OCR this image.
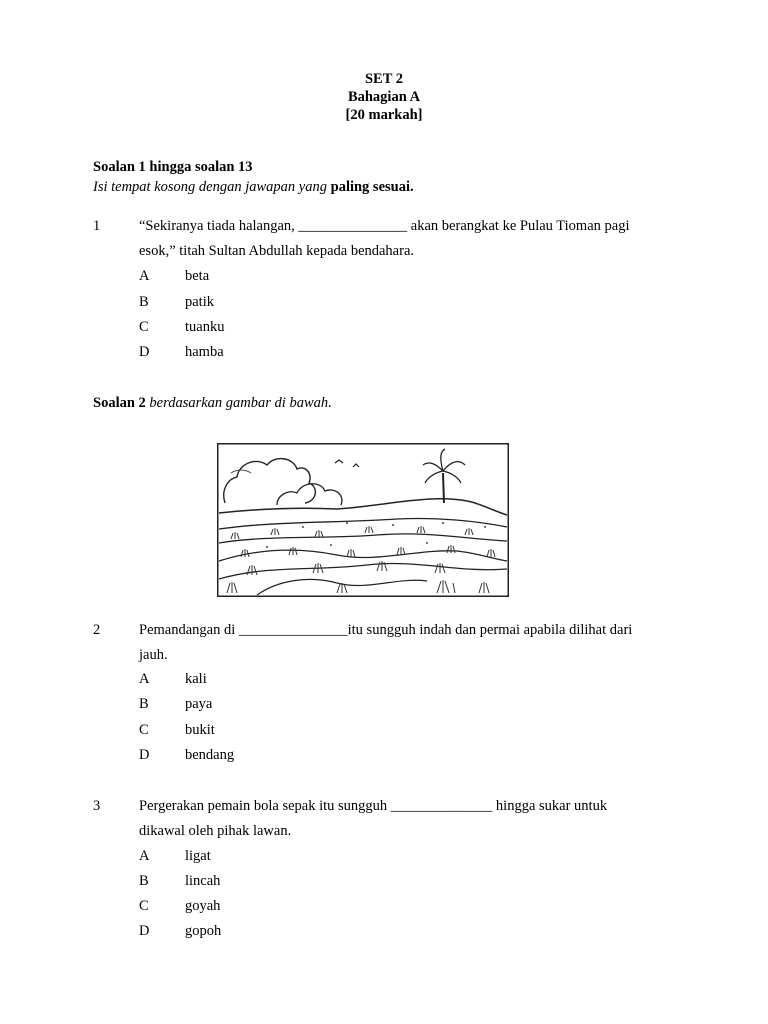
SET 2
Bahagian A
[20 markah]
Soalan 1 hingga soalan 13
Isi tempat kosong dengan jawapan yang paling sesuai.
1	“Sekiranya tiada halangan, _______________ akan berangkat ke Pulau Tioman pagi
esok,” titah Sultan Abdullah kepada bendahara.
A beta
B	patik
C	tuanku
D hamba
Soalan 2 berdasarkan gambar di bawah.
2	Pemandangan di _______________itu sungguh indah dan permai apabila dilihat dari
jauh.
A kali
B	paya
C	bukit
D bendang
3	Pergerakan pemain bola sepak itu sungguh ______________ hingga sukar untuk
dikawal oleh pihak lawan.
A ligat
B	lincah
C	goyah
D gopoh
